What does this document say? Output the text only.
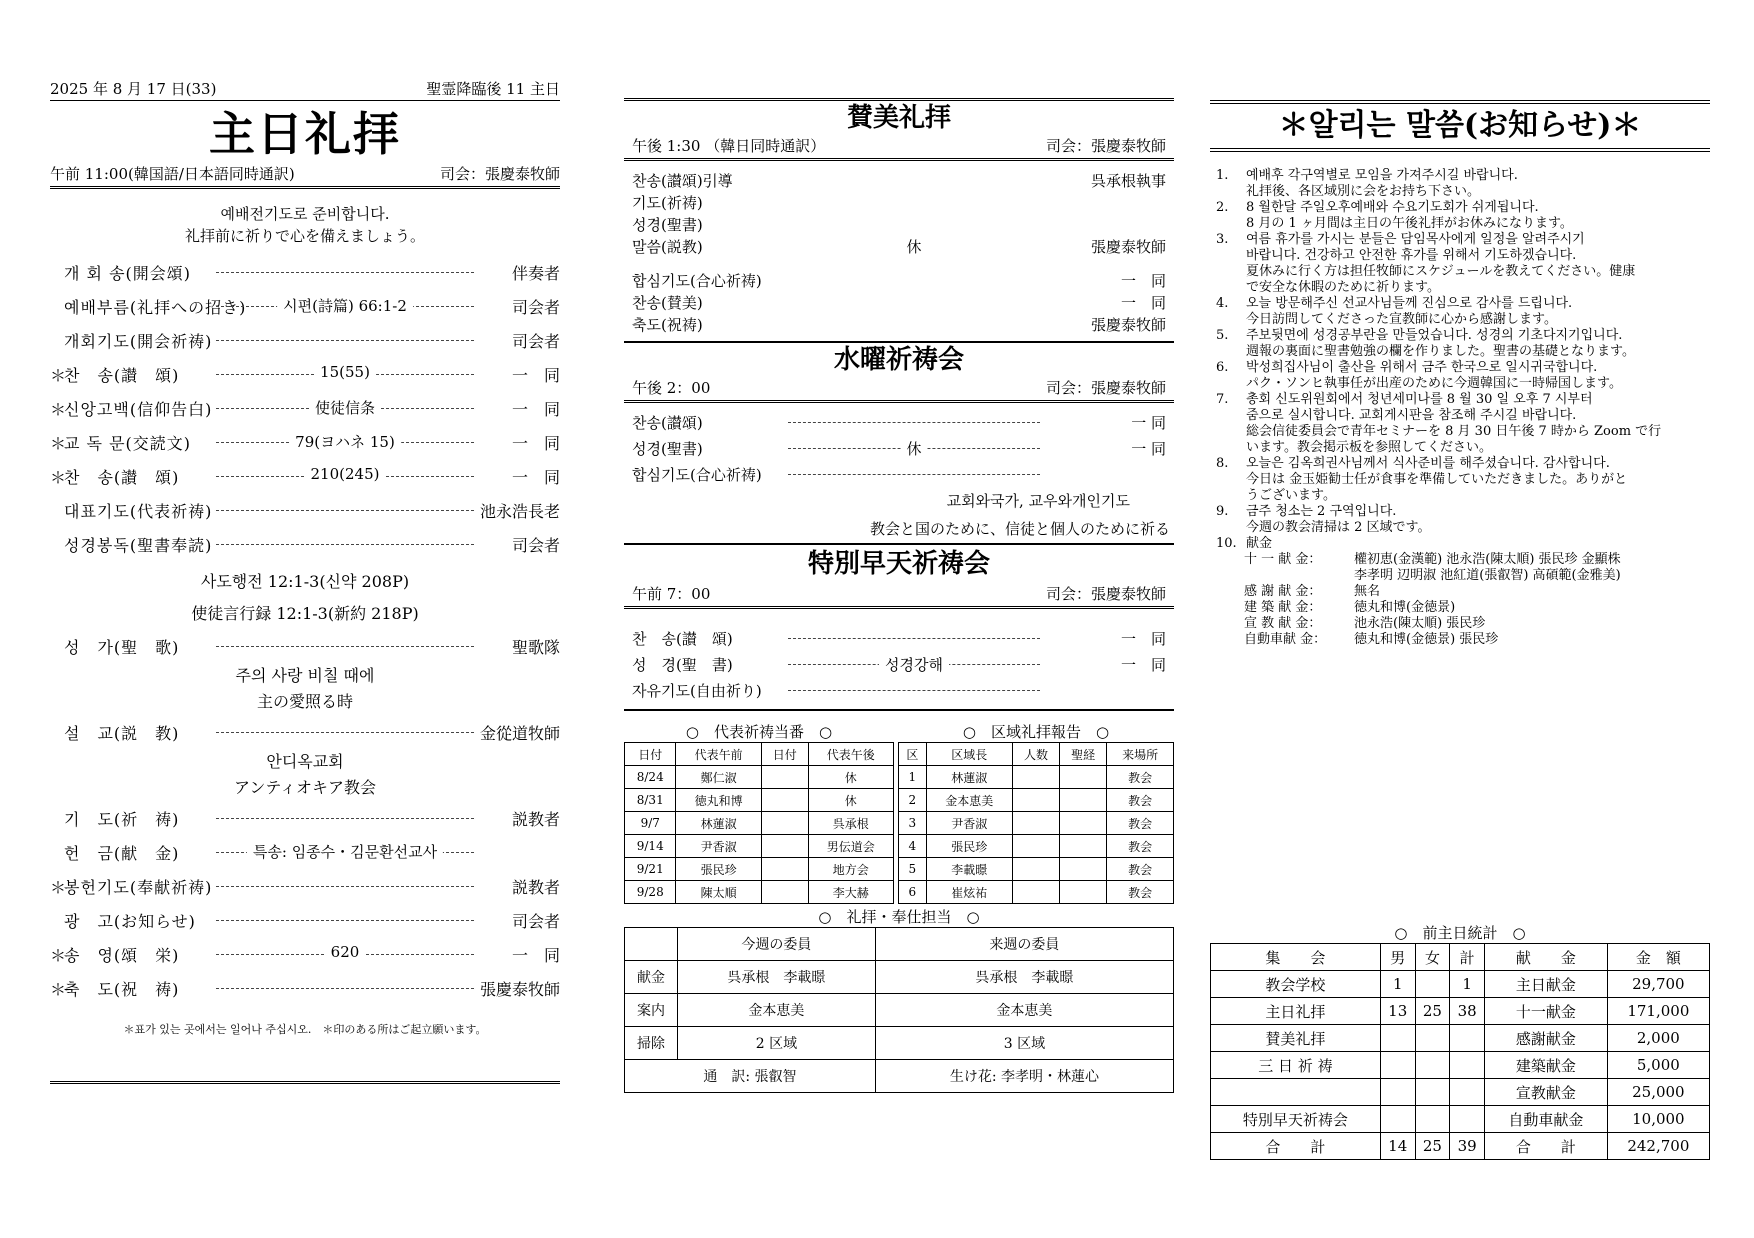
2025 年 8 月 17 日(33)	聖霊降臨後 11 主日
主日礼拝
午前 11:00(韓国語/日本語同時通訳)	司会：張慶泰牧師
예배전기도로 준비합니다.
礼拝前に祈りで心を備えましょう。
개 회 송(開会頌)	伴奏者
예배부름(礼拝への招き)	시편(詩篇) 66:1-2	司会者
개회기도(開会祈祷)	司会者
＊
찬　송(讃　頌)	15(55)	一　同
＊
신앙고백(信仰告白)	使徒信条	一　同
＊
교 독 문(交読文)	79(ヨハネ 15)	一　同
＊
찬　송(讃　頌)	210(245)	一　同
대표기도(代表祈祷)	池永浩長老
성경봉독(聖書奉読)	司会者
사도행전 12:1-3(신약 208P)
使徒言行録 12:1-3(新約 218P)
성　가(聖　歌)	聖歌隊
주의 사랑 비칠 때에
主の愛照る時
설　교(説　教)	金從道牧師
안디옥교회
アンティオキア教会
기　도(祈　祷)	説教者
헌　금(献　金)	특송: 임종수・김문환선교사
＊
봉헌기도(奉献祈祷)	説教者
광　고(お知らせ)	司会者
＊
송　영(頌　栄)	620	一　同
＊
축　도(祝　祷)	張慶泰牧師
＊표가 있는 곳에서는 일어나 주십시오.　＊印のある所はご起立願います。
賛美礼拝
午後 1:30 （韓日同時通訳）	司会：張慶泰牧師
찬송(讃頌)引導	呉承根執事
기도(祈祷)
성경(聖書)
말씀(説教)	休	張慶泰牧師
합심기도(合心祈祷)	一　同
찬송(賛美)	一　同
축도(祝祷)	張慶泰牧師
水曜祈祷会
午後 2：00	司会：張慶泰牧師
찬송(讃頌)	一 同
성경(聖書)	休	一 同
합심기도(合心祈祷)
교회와국가, 교우와개인기도
教会と国のために、信徒と個人のために祈る
特別早天祈祷会
午前 7：00	司会：張慶泰牧師
찬　송(讃　頌)	一　同
성　경(聖　書)	성경강해	一　同
자유기도(自由祈り)
○　代表祈祷当番　○
日付	代表午前	日付	代表午後
8/24	鄭仁淑		休
8/31	徳丸和博		休
9/7	林蓮淑		呉承根
9/14	尹香淑		男伝道会
9/21	張民珍		地方会
9/28	陳太順		李大赫
○　区域礼拝報告　○
区	区域長	人数	聖経	来場所
1	林蓮淑			教会
2	金本恵美			教会
3	尹香淑			教会
4	張民珍			教会
5	李載暻			教会
6	崔炫祐			教会
○　礼拝・奉仕担当　○
	今週の委員	来週の委員
献金	呉承根　李載暻	呉承根　李載暻
案内	金本恵美	金本恵美
掃除	2 区域	3 区域
通　訳: 張叡智		生け花: 李孝明・林蓮心
＊알리는 말씀(お知らせ)＊
1.	예배후 각구역별로 모임을 가져주시길 바랍니다.
礼拝後、各区域別に会をお持ち下さい。
2.	8 월한달 주일오후예배와 수요기도회가 쉬게됩니다.
8 月の 1 ヶ月間は主日の午後礼拝がお休みになります。
3.	여름 휴가를 가시는 분들은 담임목사에게 일정을 알려주시기
바랍니다. 건강하고 안전한 휴가를 위해서 기도하겠습니다.
夏休みに行く方は担任牧師にスケジュールを教えてください。健康
で安全な休暇のために祈ります。
4.	오늘 방문해주신 선교사님들께 진심으로 감사를 드립니다.
今日訪問してくださった宣教師に心から感謝します。
5.	주보뒷면에 성경공부란을 만들었습니다. 성경의 기초다지기입니다.
週報の裏面に聖書勉強の欄を作りました。聖書の基礎となります。
6.	박성희집사님이 출산을 위해서 금주 한국으로 일시귀국합니다.
パク・ソンヒ執事任が出産のために今週韓国に一時帰国します。
7.	총회 신도위원회에서 청년세미나를 8 월 30 일 오후 7 시부터
줌으로 실시합니다. 교회게시판을 참조해 주시길 바랍니다.
総会信徒委員会で青年セミナーを 8 月 30 日午後 7 時から Zoom で行
います。教会掲示板を参照してください。
8.	오늘은 김옥희권사님께서 식사준비를 해주셨습니다. 감사합니다.
今日は 金玉姫勧士任が食事を準備していただきました。ありがと
うございます。
9.	금주 청소는 2 구역입니다.
今週の教会清掃は 2 区域です。
10. 献金
十 一 献 金：	權初恵(金漢範) 池永浩(陳太順) 張民珍 金顯株
李孝明 辺明淑 池紅道(張叡智) 高碩範(金雅美)
感 謝 献 金：	無名
建 築 献 金：	徳丸和博(金徳景)
宣 教 献 金：	池永浩(陳太順) 張民珍
自動車献 金：	徳丸和博(金徳景) 張民珍
○　前主日統計　○
集　　会	男	女	計	献　　金	金　額
教会学校	1		1	主日献金	29,700
主日礼拝	13	25	38	十一献金	171,000
賛美礼拝				感謝献金	2,000
三 日 祈 祷				建築献金	5,000
				宣教献金	25,000
特別早天祈祷会				自動車献金	10,000
合　　計	14	25	39	合　　計	242,700
